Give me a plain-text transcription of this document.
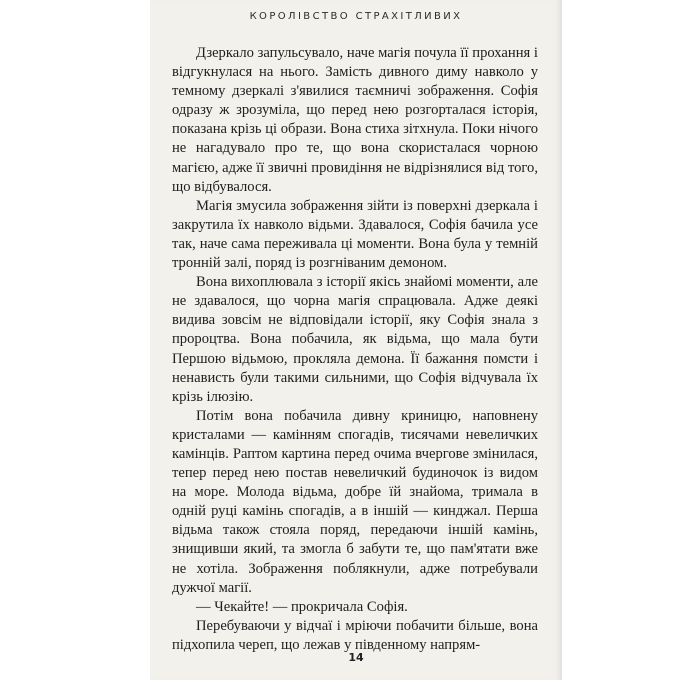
КОРОЛІВСТВО СТРАХІТЛИВИХ

Дзеркало запульсувало, наче магія почула її прохання і відгукнулася на нього. Замість дивного диму навколо у темному дзеркалі з'явилися таємничі зображення. Софія одразу ж зрозуміла, що перед нею розгорталася історія, показана крізь ці образи. Вона стиха зітхнула. Поки нічого не нагадувало про те, що вона скористалася чорною магією, адже її звичні провидіння не відрізнялися від того, що відбувалося.

Магія змусила зображення зійти із поверхні дзеркала і закрутила їх навколо відьми. Здавалося, Софія бачила усе так, наче сама переживала ці моменти. Вона була у темній тронній залі, поряд із розгніваним демоном.

Вона вихоплювала з історії якісь знайомі моменти, але не здавалося, що чорна магія спрацювала. Адже деякі видива зовсім не відповідали історії, яку Софія знала з пророцтва. Вона побачила, як відьма, що мала бути Першою відьмою, прокляла демона. Її бажання помсти і ненависть були такими сильними, що Софія відчувала їх крізь ілюзію.

Потім вона побачила дивну криницю, наповнену кристалами — камінням спогадів, тисячами невеличких камінців. Раптом картина перед очима вчергове змінилася, тепер перед нею постав невеличкий будиночок із видом на море. Молода відьма, добре їй знайома, тримала в одній руці камінь спогадів, а в іншій — кинджал. Перша відьма також стояла поряд, передаючи іншій камінь, знищивши який, та змогла б забути те, що пам'ятати вже не хотіла. Зображення поблякнули, адже потребували дужчої магії.

— Чекайте! — прокричала Софія.

Перебуваючи у відчаї і мріючи побачити більше, вона підхопила череп, що лежав у південному напрям-

14
